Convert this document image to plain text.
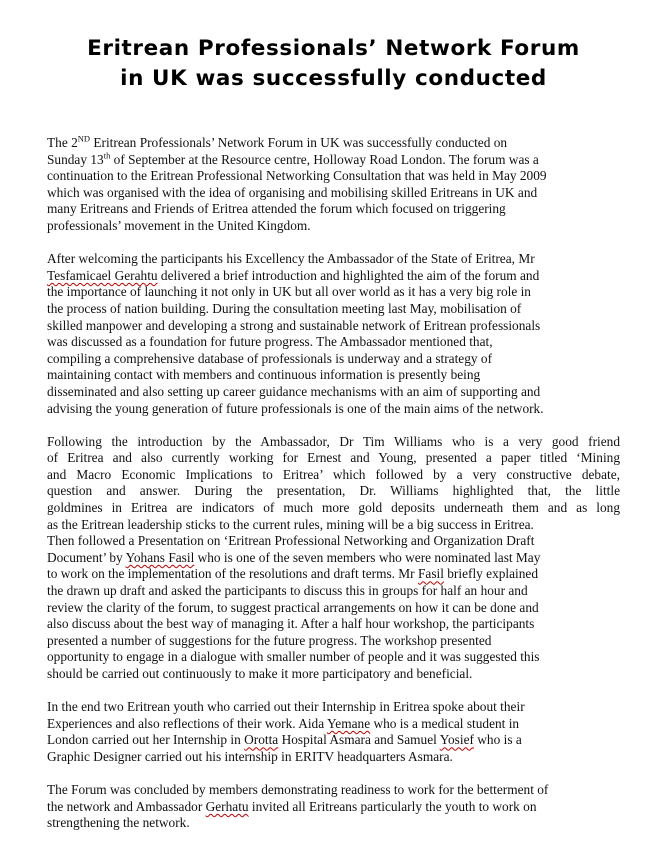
Eritrean Professionals’ Network Forum
in UK was successfully conducted

The 2ND Eritrean Professionals’ Network Forum in UK was successfully conducted on
Sunday 13th of September at the Resource centre, Holloway Road London. The forum was a
continuation to the Eritrean Professional Networking Consultation that was held in May 2009
which was organised with the idea of organising and mobilising skilled Eritreans in UK and
many Eritreans and Friends of Eritrea attended the forum which focused on triggering
professionals’ movement in the United Kingdom.

After welcoming the participants his Excellency the Ambassador of the State of Eritrea, Mr
Tesfamicael Gerahtu delivered a brief introduction and highlighted the aim of the forum and
the importance of launching it not only in UK but all over world as it has a very big role in
the process of nation building. During the consultation meeting last May, mobilisation of
skilled manpower and developing a strong and sustainable network of Eritrean professionals
was discussed as a foundation for future progress. The Ambassador mentioned that,
compiling a comprehensive database of professionals is underway and a strategy of
maintaining contact with members and continuous information is presently being
disseminated and also setting up career guidance mechanisms with an aim of supporting and
advising the young generation of future professionals is one of the main aims of the network.

Following the introduction by the Ambassador, Dr Tim Williams who is a very good friend
of Eritrea and also currently working for Ernest and Young, presented a paper titled ‘Mining
and Macro Economic Implications to Eritrea’ which followed by a very constructive debate,
question and answer. During the presentation, Dr. Williams highlighted that, the little
goldmines in Eritrea are indicators of much more gold deposits underneath them and as long
as the Eritrean leadership sticks to the current rules, mining will be a big success in Eritrea.
Then followed a Presentation on ‘Eritrean Professional Networking and Organization Draft
Document’ by Yohans Fasil who is one of the seven members who were nominated last May
to work on the implementation of the resolutions and draft terms. Mr Fasil briefly explained
the drawn up draft and asked the participants to discuss this in groups for half an hour and
review the clarity of the forum, to suggest practical arrangements on how it can be done and
also discuss about the best way of managing it. After a half hour workshop, the participants
presented a number of suggestions for the future progress. The workshop presented
opportunity to engage in a dialogue with smaller number of people and it was suggested this
should be carried out continuously to make it more participatory and beneficial.

In the end two Eritrean youth who carried out their Internship in Eritrea spoke about their
Experiences and also reflections of their work. Aida Yemane who is a medical student in
London carried out her Internship in Orotta Hospital Asmara and Samuel Yosief who is a
Graphic Designer carried out his internship in ERITV headquarters Asmara.

The Forum was concluded by members demonstrating readiness to work for the betterment of
the network and Ambassador Gerhatu invited all Eritreans particularly the youth to work on
strengthening the network.
